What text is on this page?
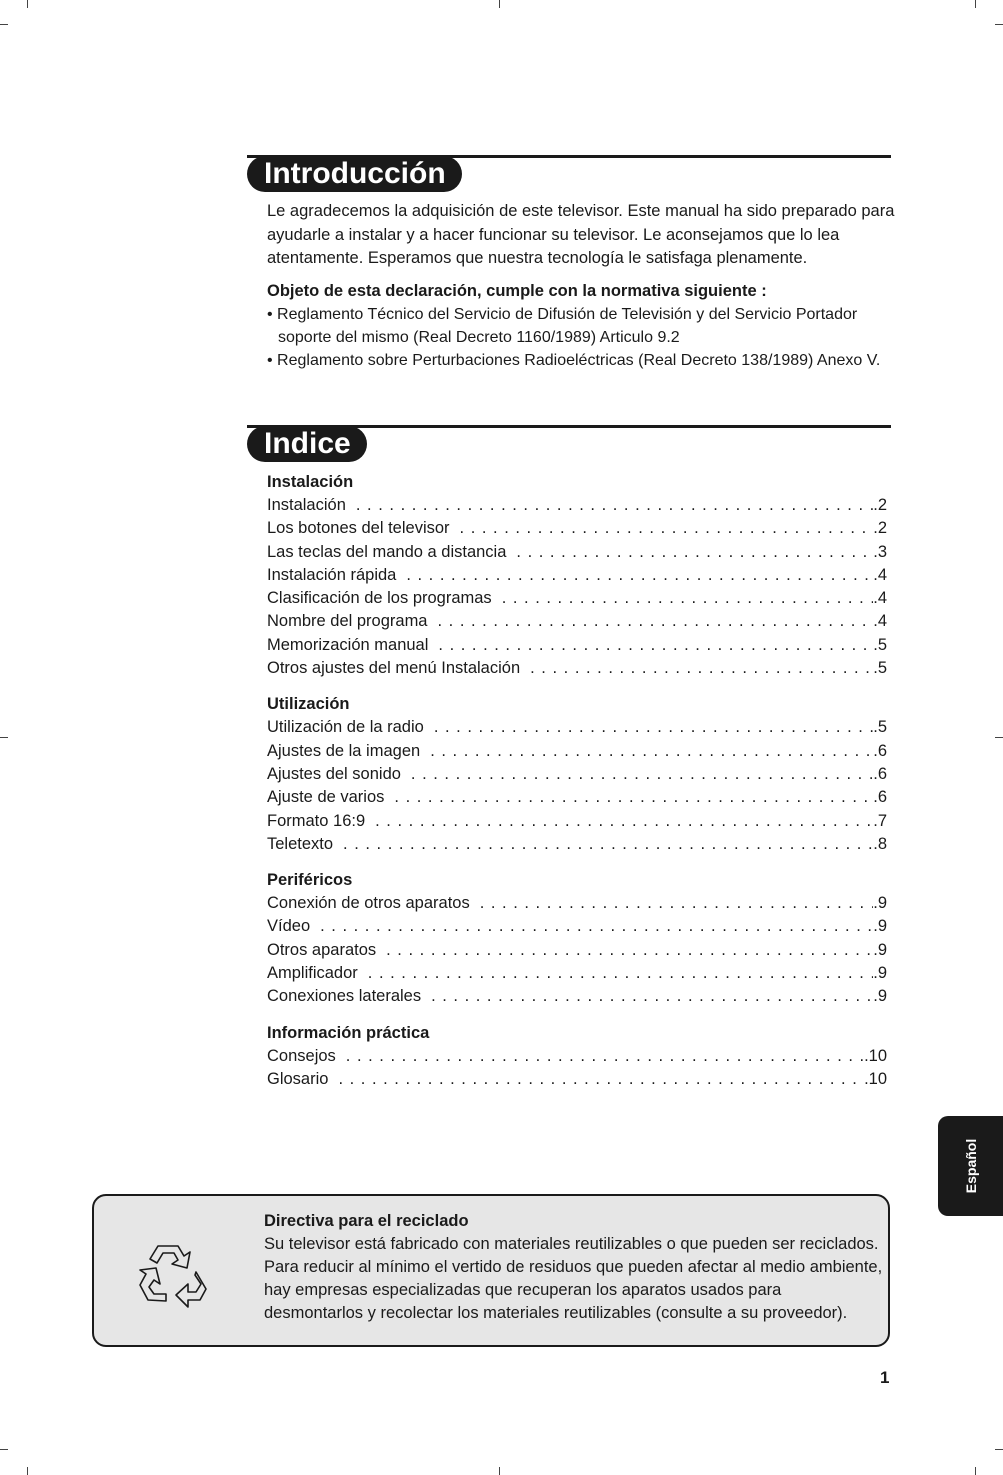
Introducción

Le agradecemos la adquisición de este televisor. Este manual ha sido preparado para ayudarle a instalar y a hacer funcionar su televisor. Le aconsejamos que lo lea atentamente. Esperamos que nuestra tecnología le satisfaga plenamente.

Objeto de esta declaración, cumple con la normativa siguiente :

• Reglamento Técnico del Servicio de Difusión de Televisión y del Servicio Portador soporte del mismo (Real Decreto 1160/1989) Articulo 9.2

• Reglamento sobre Perturbaciones Radioeléctricas (Real Decreto 138/1989) Anexo V.

Indice
Instalación
Instalación . . .	.2
Los botones del televisor . . .	.2
Las teclas del mando a distancia . . .	.3
Instalación rápida . . .	.4
Clasificación de los programas . . .	.4
Nombre del programa . . .	.4
Memorización manual . . .	.5
Otros ajustes del menú Instalación . . .	.5
Utilización
Utilización de la radio . . .	.5
Ajustes de la imagen . . .	.6
Ajustes del sonido . . .	.6
Ajuste de varios . . .	.6
Formato 16:9 . . .	.7
Teletexto . . .	.8
Periféricos
Conexión de otros aparatos . . .	.9
Vídeo . . .	.9
Otros aparatos . . .	.9
Amplificador . . .	.9
Conexiones laterales . . .	.9
Información práctica
Consejos . . .	.10
Glosario . . .	.10
Español

Directiva para el reciclado

Su televisor está fabricado con materiales reutilizables o que pueden ser reciclados. Para reducir al mínimo el vertido de residuos que pueden afectar al medio ambiente, hay empresas especializadas que recuperan los aparatos usados para desmontarlos y recolectar los materiales reutilizables (consulte a su proveedor).

1
